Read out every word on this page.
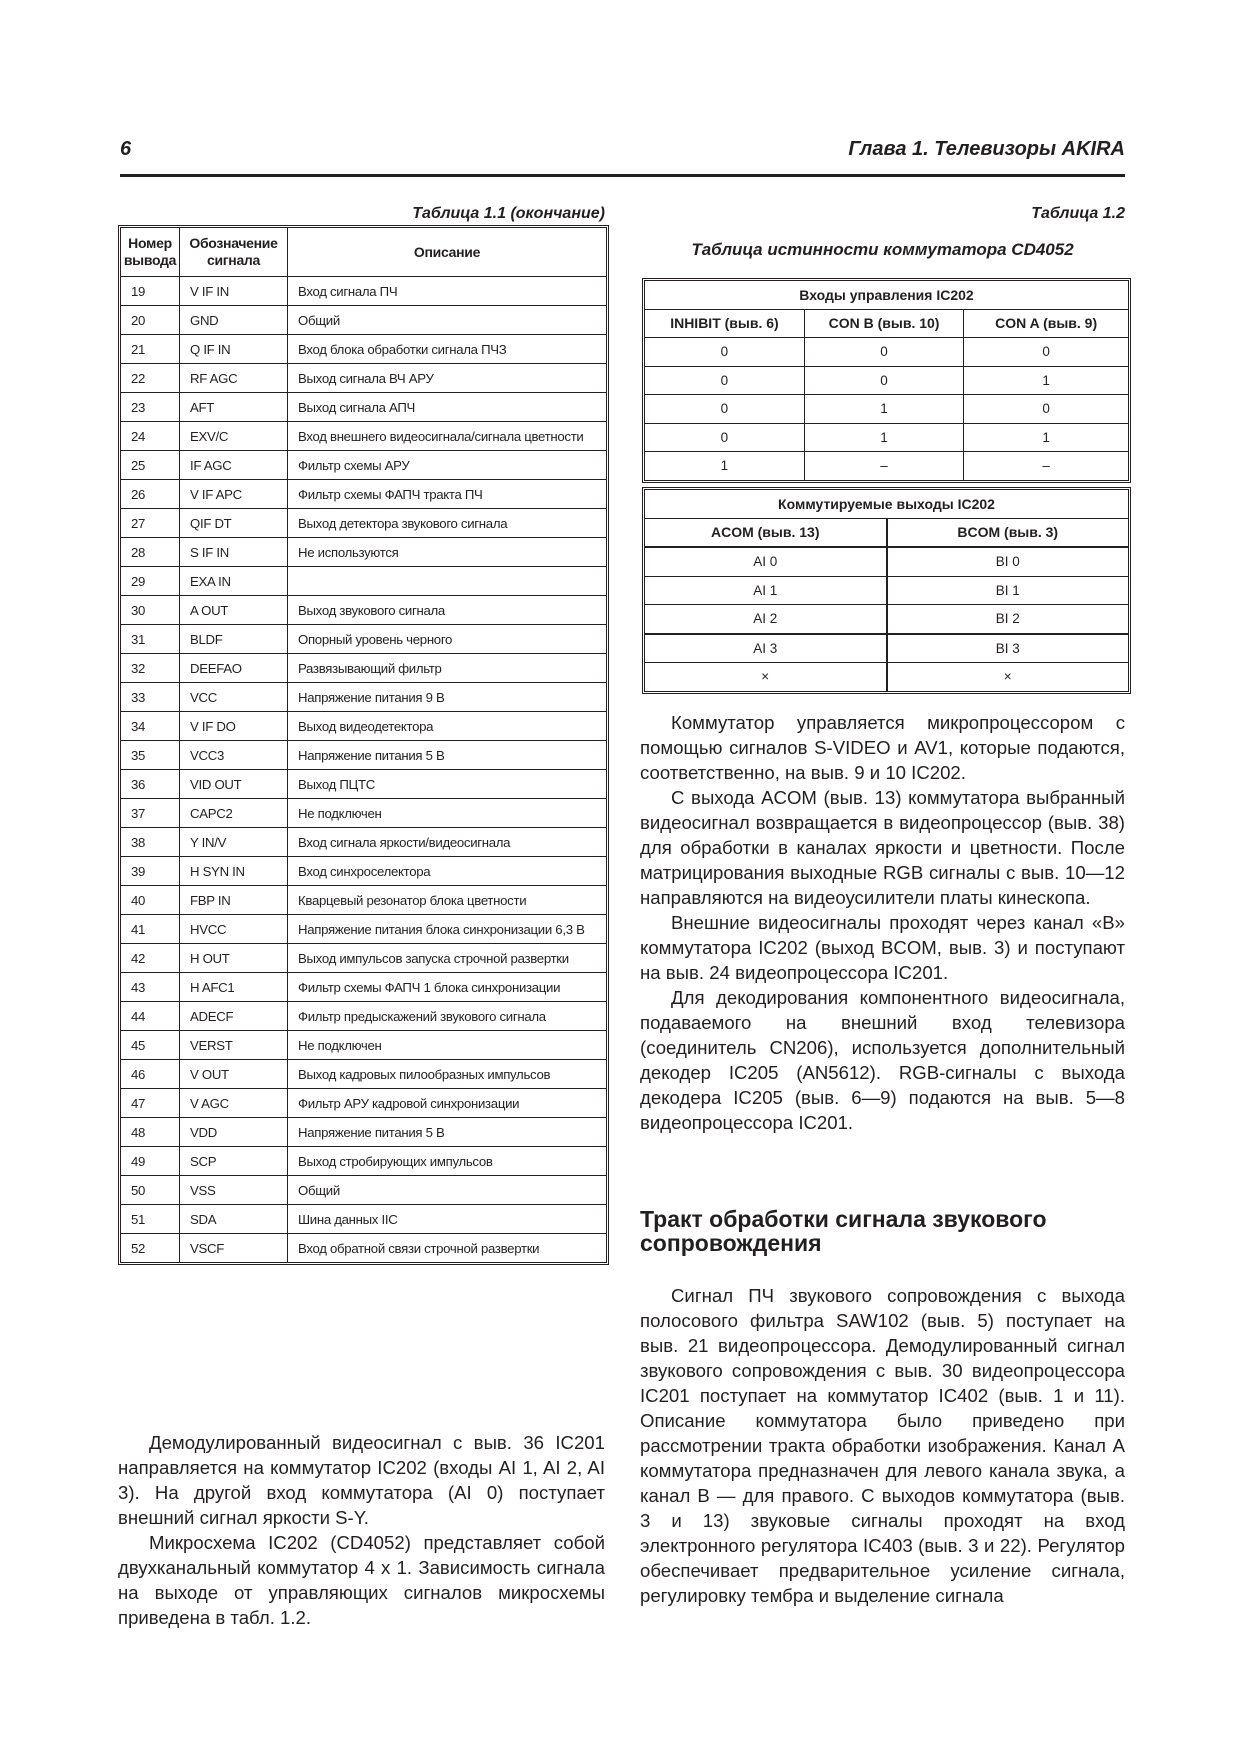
6	Глава 1. Телевизоры AKIRA
Таблица 1.1 (окончание)
Номер вывода	Обозначение сигнала	Описание
19	V IF IN	Вход сигнала ПЧ
20	GND	Общий
21	Q IF IN	Вход блока обработки сигнала ПЧЗ
22	RF AGC	Выход сигнала ВЧ АРУ
23	AFT	Выход сигнала АПЧ
24	EXV/C	Вход внешнего видеосигнала/сигнала цветности
25	IF AGC	Фильтр схемы АРУ
26	V IF APC	Фильтр схемы ФАПЧ тракта ПЧ
27	QIF DT	Выход детектора звукового сигнала
28	S IF IN	Не используются
29	EXA IN	
30	A OUT	Выход звукового сигнала
31	BLDF	Опорный уровень черного
32	DEEFAO	Развязывающий фильтр
33	VCC	Напряжение питания 9 В
34	V IF DO	Выход видеодетектора
35	VCC3	Напряжение питания 5 В
36	VID OUT	Выход ПЦТС
37	CAPC2	Не подключен
38	Y IN/V	Вход сигнала яркости/видеосигнала
39	H SYN IN	Вход синхроселектора
40	FBP IN	Кварцевый резонатор блока цветности
41	HVCC	Напряжение питания блока синхронизации 6,3 В
42	H OUT	Выход импульсов запуска строчной развертки
43	H AFC1	Фильтр схемы ФАПЧ 1 блока синхронизации
44	ADECF	Фильтр предыскажений звукового сигнала
45	VERST	Не подключен
46	V OUT	Выход кадровых пилообразных импульсов
47	V AGC	Фильтр АРУ кадровой синхронизации
48	VDD	Напряжение питания 5 В
49	SCP	Выход стробирующих импульсов
50	VSS	Общий
51	SDA	Шина данных IIC
52	VSCF	Вход обратной связи строчной развертки
Таблица 1.2
Таблица истинности коммутатора CD4052
Входы управления IC202		
INHIBIT (выв. 6)	CON B (выв. 10)	CON A (выв. 9)
0	0	0
0	0	1
0	1	0
0	1	1
1	–	–
Коммутируемые выходы IC202	
ACOM (выв. 13)	BCOM (выв. 3)
AI 0	BI 0
AI 1	BI 1
AI 2	BI 2
AI 3	BI 3
×	×

Демодулированный видеосигнал с выв. 36 IC201 направляется на коммутатор IC202 (входы AI 1, AI 2, AI 3). На другой вход коммутатора (AI 0) поступает внешний сигнал яркости S-Y.

Микросхема IC202 (CD4052) представляет собой двухканальный коммутатор 4 x 1. Зависимость сигнала на выходе от управляющих сигналов микросхемы приведена в табл. 1.2.

Коммутатор управляется микропроцессором с помощью сигналов S-VIDEO и AV1, которые подаются, соответственно, на выв. 9 и 10 IC202.

С выхода ACOM (выв. 13) коммутатора выбранный видеосигнал возвращается в видеопроцессор (выв. 38) для обработки в каналах яркости и цветности. После матрицирования выходные RGB сигналы с выв. 10—12 направляются на видеоусилители платы кинескопа.

Внешние видеосигналы проходят через канал «В» коммутатора IC202 (выход BCOM, выв. 3) и поступают на выв. 24 видеопроцессора IC201.

Для декодирования компонентного видеосигнала, подаваемого на внешний вход телевизора (соединитель CN206), используется дополнительный декодер IC205 (AN5612). RGB-сигналы с выхода декодера IC205 (выв. 6—9) подаются на выв. 5—8 видеопроцессора IC201.

Тракт обработки сигнала звукового сопровождения

Сигнал ПЧ звукового сопровождения с выхода полосового фильтра SAW102 (выв. 5) поступает на выв. 21 видеопроцессора. Демодулированный сигнал звукового сопровождения с выв. 30 видеопроцессора IC201 поступает на коммутатор IC402 (выв. 1 и 11). Описание коммутатора было приведено при рассмотрении тракта обработки изображения. Канал А коммутатора предназначен для левого канала звука, а канал В — для правого. С выходов коммутатора (выв. 3 и 13) звуковые сигналы проходят на вход электронного регулятора IC403 (выв. 3 и 22). Регулятор обеспечивает предварительное усиление сигнала, регулировку тембра и выделение сигнала
